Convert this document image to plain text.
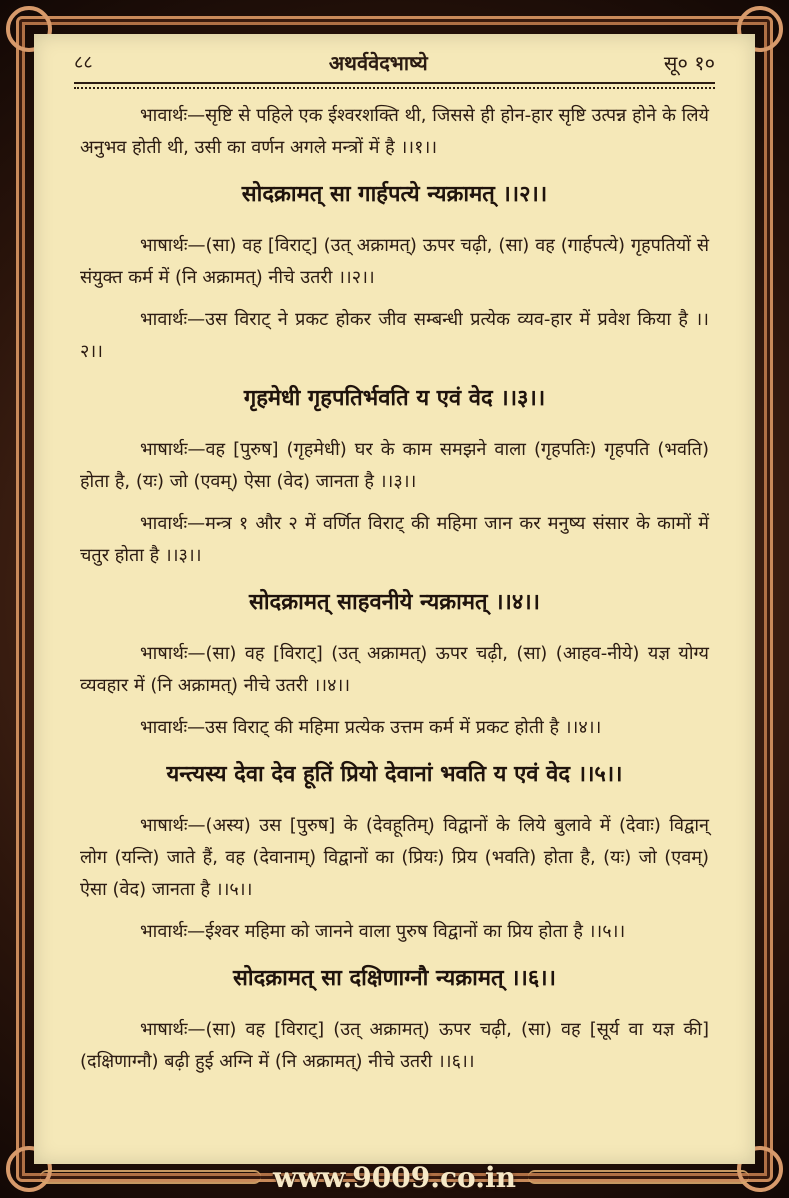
८८	अथर्ववेदभाष्ये	सू० १०

भावार्थः—सृष्टि से पहिले एक ईश्वरशक्ति थी, जिससे ही होन-हार सृष्टि उत्पन्न होने के लिये अनुभव होती थी, उसी का वर्णन अगले मन्त्रों में है ।।१।।

सोदक्रामत् सा गार्हपत्ये न्यक्रामत् ।।२।।

भाषार्थः—(सा) वह [विराट्] (उत् अक्रामत्) ऊपर चढ़ी, (सा) वह (गार्हपत्ये) गृहपतियों से संयुक्त कर्म में (नि अक्रामत्) नीचे उतरी ।।२।।

भावार्थः—उस विराट् ने प्रकट होकर जीव सम्बन्धी प्रत्येक व्यव-हार में प्रवेश किया है ।।२।।

गृहमेधी गृहपतिर्भवति य एवं वेद ।।३।।

भाषार्थः—वह [पुरुष] (गृहमेधी) घर के काम समझने वाला (गृहपतिः) गृहपति (भवति) होता है, (यः) जो (एवम्) ऐसा (वेद) जानता है ।।३।।

भावार्थः—मन्त्र १ और २ में वर्णित विराट् की महिमा जान कर मनुष्य संसार के कामों में चतुर होता है ।।३।।

सोदक्रामत् साहवनीये न्यक्रामत् ।।४।।

भाषार्थः—(सा) वह [विराट्] (उत् अक्रामत्) ऊपर चढ़ी, (सा) (आहव-नीये) यज्ञ योग्य व्यवहार में (नि अक्रामत्) नीचे उतरी ।।४।।

भावार्थः—उस विराट् की महिमा प्रत्येक उत्तम कर्म में प्रकट होती है ।।४।।

यन्त्यस्य देवा देव हूतिं प्रियो देवानां भवति य एवं वेद ।।५।।

भाषार्थः—(अस्य) उस [पुरुष] के (देवहूतिम्) विद्वानों के लिये बुलावे में (देवाः) विद्वान् लोग (यन्ति) जाते हैं, वह (देवानाम्) विद्वानों का (प्रियः) प्रिय (भवति) होता है, (यः) जो (एवम्) ऐसा (वेद) जानता है ।।५।।

भावार्थः—ईश्वर महिमा को जानने वाला पुरुष विद्वानों का प्रिय होता है ।।५।।

सोदक्रामत् सा दक्षिणाग्नौ न्यक्रामत् ।।६।।

भाषार्थः—(सा) वह [विराट्] (उत् अक्रामत्) ऊपर चढ़ी, (सा) वह [सूर्य वा यज्ञ की] (दक्षिणाग्नौ) बढ़ी हुई अग्नि में (नि अक्रामत्) नीचे उतरी ।।६।।

www.9009.co.in
